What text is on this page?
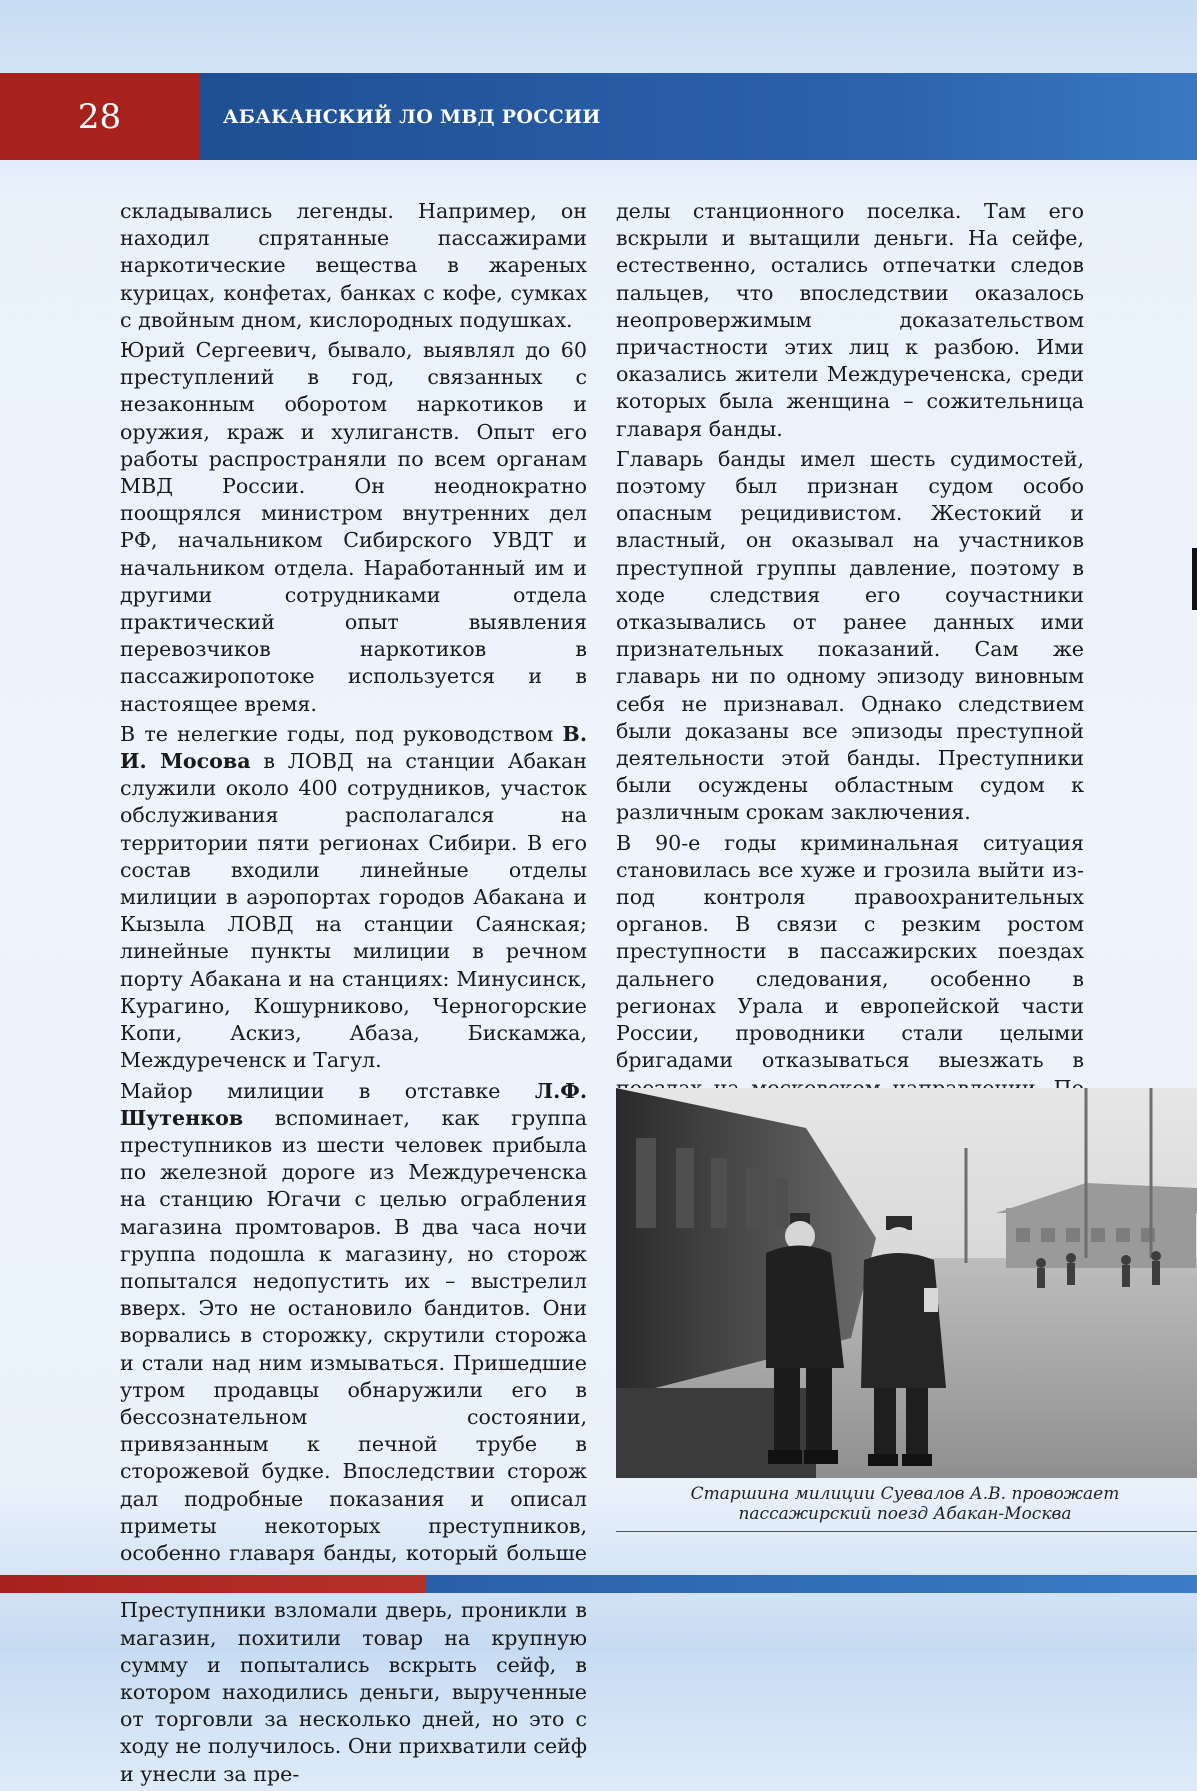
28	АБАКАНСКИЙ ЛО МВД РОССИИ

складывались легенды. Например, он находил спрятанные пассажирами наркотические вещества в жареных курицах, конфетах, банках с кофе, сумках с двойным дном, кислородных подушках.

Юрий Сергеевич, бывало, выявлял до 60 преступлений в год, связанных с незаконным оборотом наркотиков и оружия, краж и хулиганств. Опыт его работы распространяли по всем органам МВД России. Он неоднократно поощрялся министром внутренних дел РФ, начальником Сибирского УВДТ и начальником отдела. Наработанный им и другими сотрудниками отдела практический опыт выявления перевозчиков наркотиков в пассажиропотоке используется и в настоящее время.

В те нелегкие годы, под руководством В. И. Мосова в ЛОВД на станции Абакан служили около 400 сотрудников, участок обслуживания располагался на территории пяти регионах Сибири. В его состав входили линейные отделы милиции в аэропортах городов Абакана и Кызыла ЛОВД на станции Саянская; линейные пункты милиции в речном порту Абакана и на станциях: Минусинск, Курагино, Кошурниково, Черногорские Копи, Аскиз, Абаза, Бискамжа, Междуреченск и Тагул.

Майор милиции в отставке Л.Ф. Шутенков вспоминает, как группа преступников из шести человек прибыла по железной дороге из Междуреченска на станцию Югачи с целью ограбления магазина промтоваров. В два часа ночи группа подошла к магазину, но сторож попытался недопустить их – выстрелил вверх. Это не остановило бандитов. Они ворвались в сторожку, скрутили сторожа и стали над ним измываться. Пришедшие утром продавцы обнаружили его в бессознательном состоянии, привязанным к печной трубе в сторожевой будке. Впоследствии сторож дал подробные показания и описал приметы некоторых преступников, особенно главаря банды, который больше

Преступники взломали дверь, проникли в магазин, похитили товар на крупную сумму и попытались вскрыть сейф, в котором находились деньги, вырученные от торговли за несколько дней, но это с ходу не получилось. Они прихватили сейф и унесли за пре-

делы станционного поселка. Там его вскрыли и вытащили деньги. На сейфе, естественно, остались отпечатки следов пальцев, что впоследствии оказалось неопровержимым доказательством причастности этих лиц к разбою. Ими оказались жители Междуреченска, среди которых была женщина – сожительница главаря банды.

Главарь банды имел шесть судимостей, поэтому был признан судом особо опасным рецидивистом. Жестокий и властный, он оказывал на участников преступной группы давление, поэтому в ходе следствия его соучастники отказывались от ранее данных ими признательных показаний. Сам же главарь ни по одному эпизоду виновным себя не признавал. Однако следствием были доказаны все эпизоды преступной деятельности этой банды. Преступники были осуждены областным судом к различным срокам заключения.

В 90-е годы криминальная ситуация становилась все хуже и грозила выйти из-под контроля правоохранительных органов. В связи с резким ростом преступности в пассажирских поездах дальнего следования, особенно в регионах Урала и европейской части России, проводники стали целыми бригадами отказываться выезжать в

Старшина милиции Суевалов А.В. провожает
пассажирский поезд Абакан-Москва
